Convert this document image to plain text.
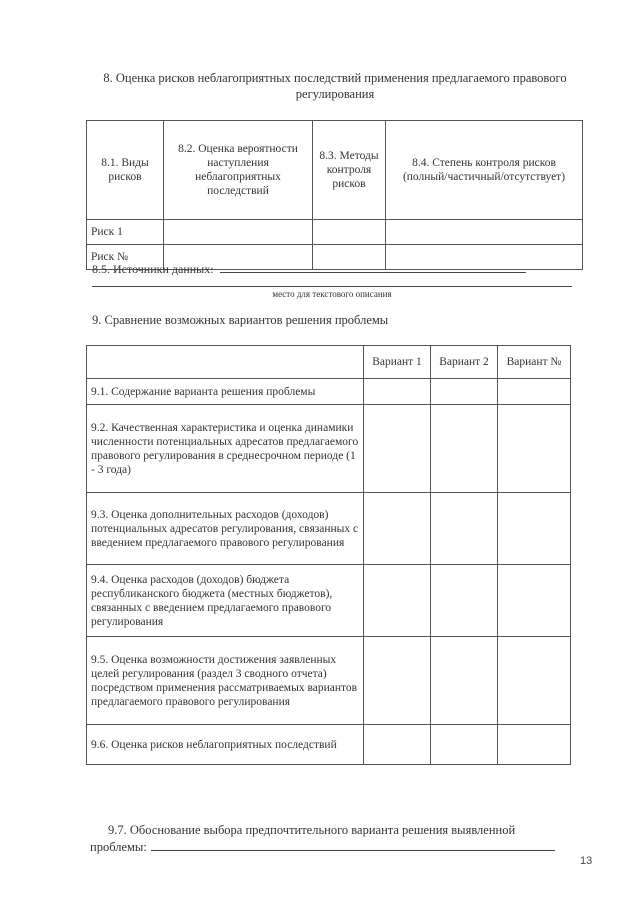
8. Оценка рисков неблагоприятных последствий применения предлагаемого правового регулирования
8.1. Виды рисков	8.2. Оценка вероятности наступления неблагоприятных последствий	8.3. Методы контроля рисков	8.4. Степень контроля рисков (полный/частичный/отсутствует)
Риск 1			
Риск №			
8.5. Источники данных:
место для текстового описания
9. Сравнение возможных вариантов решения проблемы
	Вариант 1	Вариант 2	Вариант №
9.1. Содержание варианта решения проблемы			
9.2. Качественная характеристика и оценка динамики численности потенциальных адресатов предлагаемого правового регулирования в среднесрочном периоде (1 - 3 года)			
9.3. Оценка дополнительных расходов (доходов) потенциальных адресатов регулирования, связанных с введением предлагаемого правового регулирования			
9.4. Оценка расходов (доходов) бюджета республиканского бюджета (местных бюджетов), связанных с введением предлагаемого правового регулирования			
9.5. Оценка возможности достижения заявленных целей регулирования (раздел 3 сводного отчета) посредством применения рассматриваемых вариантов предлагаемого правового регулирования			
9.6. Оценка рисков неблагоприятных последствий			
9.7. Обоснование выбора предпочтительного варианта решения выявленной
проблемы:
13
